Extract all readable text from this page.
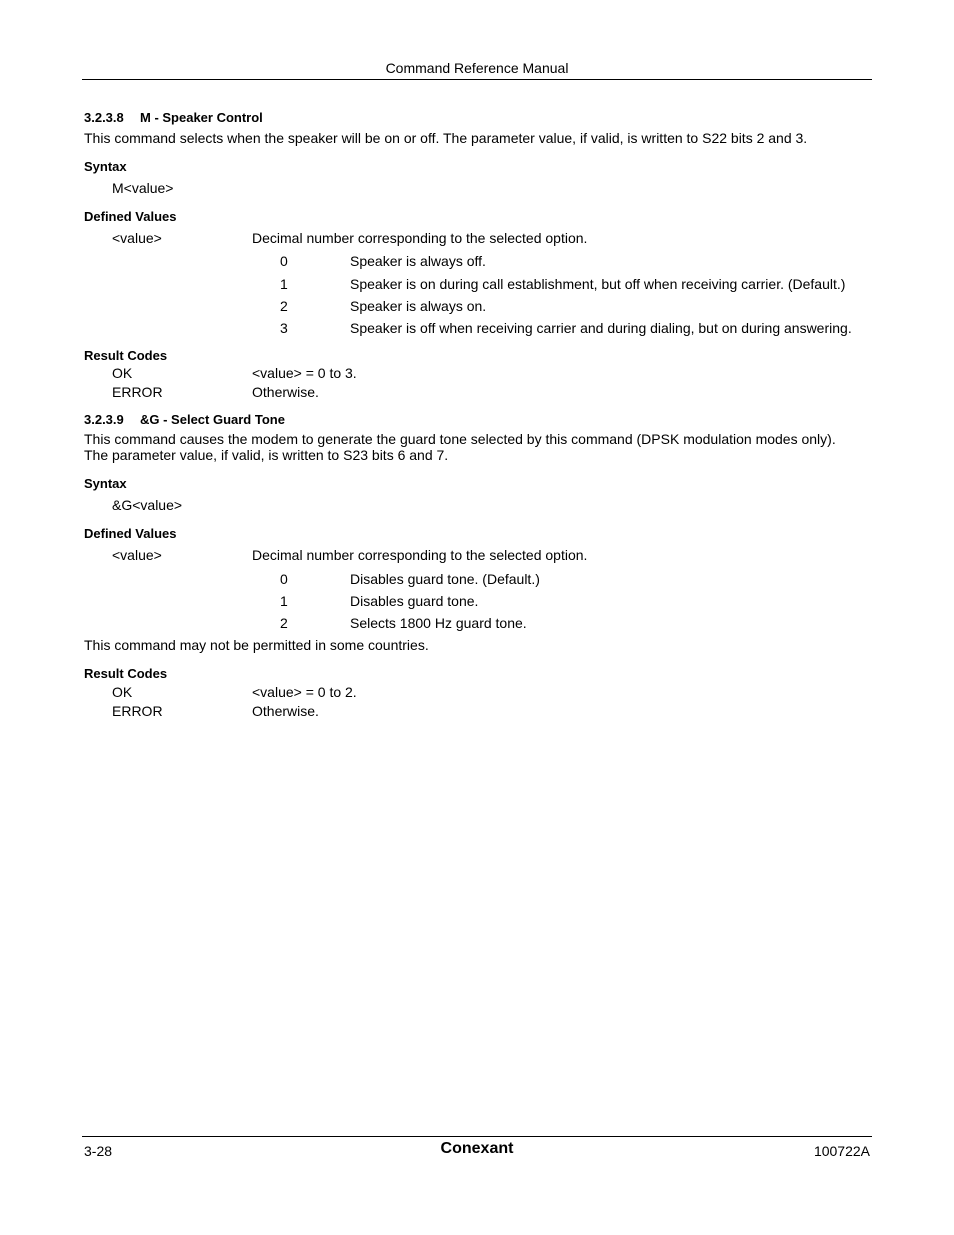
Command Reference Manual
3.2.3.8 M - Speaker Control
This command selects when the speaker will be on or off. The parameter value, if valid, is written to S22 bits 2 and 3.
Syntax
M<value>
Defined Values
<value>	Decimal number corresponding to the selected option.
0	Speaker is always off.
1	Speaker is on during call establishment, but off when receiving carrier. (Default.)
2	Speaker is always on.
3	Speaker is off when receiving carrier and during dialing, but on during answering.
Result Codes
OK	<value> = 0 to 3.
ERROR	Otherwise.
3.2.3.9 &G - Select Guard Tone
This command causes the modem to generate the guard tone selected by this command (DPSK modulation modes only).
The parameter value, if valid, is written to S23 bits 6 and 7.
Syntax
&G<value>
Defined Values
<value>	Decimal number corresponding to the selected option.
0	Disables guard tone. (Default.)
1	Disables guard tone.
2	Selects 1800 Hz guard tone.
This command may not be permitted in some countries.
Result Codes
OK	<value> = 0 to 2.
ERROR	Otherwise.
3-28	Conexant	100722A
